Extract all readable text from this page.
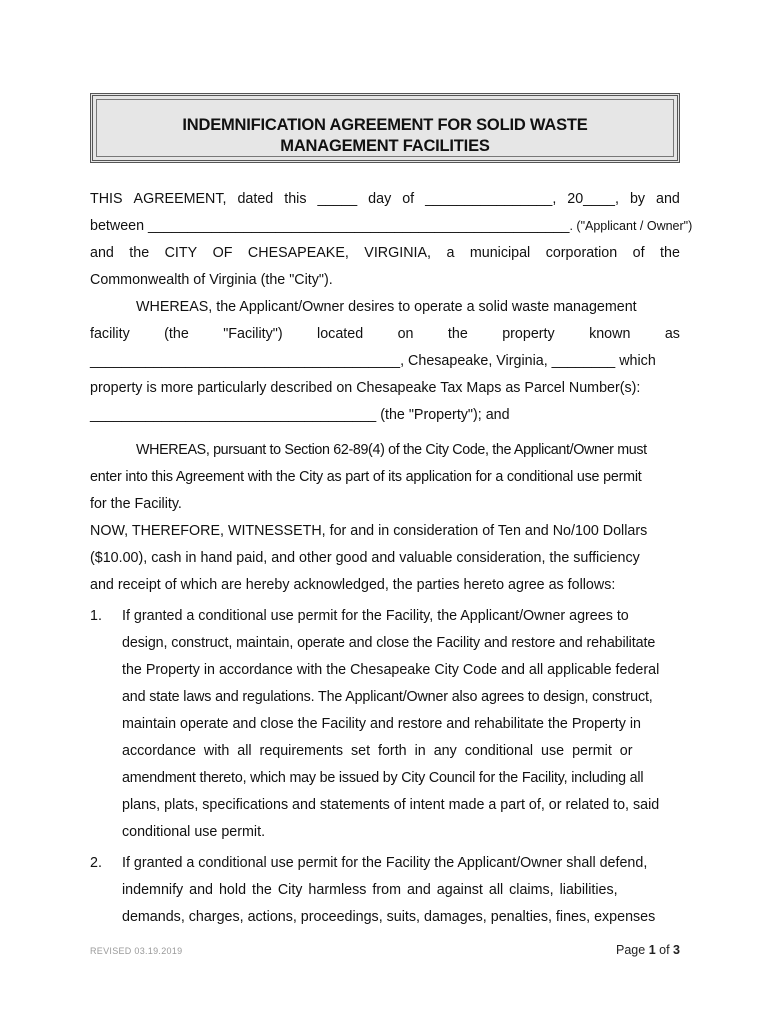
INDEMNIFICATION AGREEMENT FOR SOLID WASTE
MANAGEMENT FACILITIES
THIS AGREEMENT, dated this _____ day of ________________, 20____, by and
between _____________________________________________________. ("Applicant / Owner")
and the CITY OF CHESAPEAKE, VIRGINIA, a municipal corporation of the
Commonwealth of Virginia (the "City").
WHEREAS, the Applicant/Owner desires to operate a solid waste management
facility (the "Facility") located on the property known as
_______________________________________, Chesapeake, Virginia, ________ which
property is more particularly described on Chesapeake Tax Maps as Parcel Number(s):
____________________________________ (the "Property"); and
WHEREAS, pursuant to Section 62-89(4) of the City Code, the Applicant/Owner must
enter into this Agreement with the City as part of its application for a conditional use permit
for the Facility.
NOW, THEREFORE, WITNESSETH, for and in consideration of Ten and No/100 Dollars
($10.00), cash in hand paid, and other good and valuable consideration, the sufficiency
and receipt of which are hereby acknowledged, the parties hereto agree as follows:
1. If granted a conditional use permit for the Facility, the Applicant/Owner agrees to
design, construct, maintain, operate and close the Facility and restore and rehabilitate
the Property in accordance with the Chesapeake City Code and all applicable federal
and state laws and regulations. The Applicant/Owner also agrees to design, construct,
maintain operate and close the Facility and restore and rehabilitate the Property in
accordance with all requirements set forth in any conditional use permit or
amendment thereto, which may be issued by City Council for the Facility, including all
plans, plats, specifications and statements of intent made a part of, or related to, said
conditional use permit.
2. If granted a conditional use permit for the Facility the Applicant/Owner shall defend,
indemnify and hold the City harmless from and against all claims, liabilities,
demands, charges, actions, proceedings, suits, damages, penalties, fines, expenses
REVISED 03.19.2019	Page 1 of 3
